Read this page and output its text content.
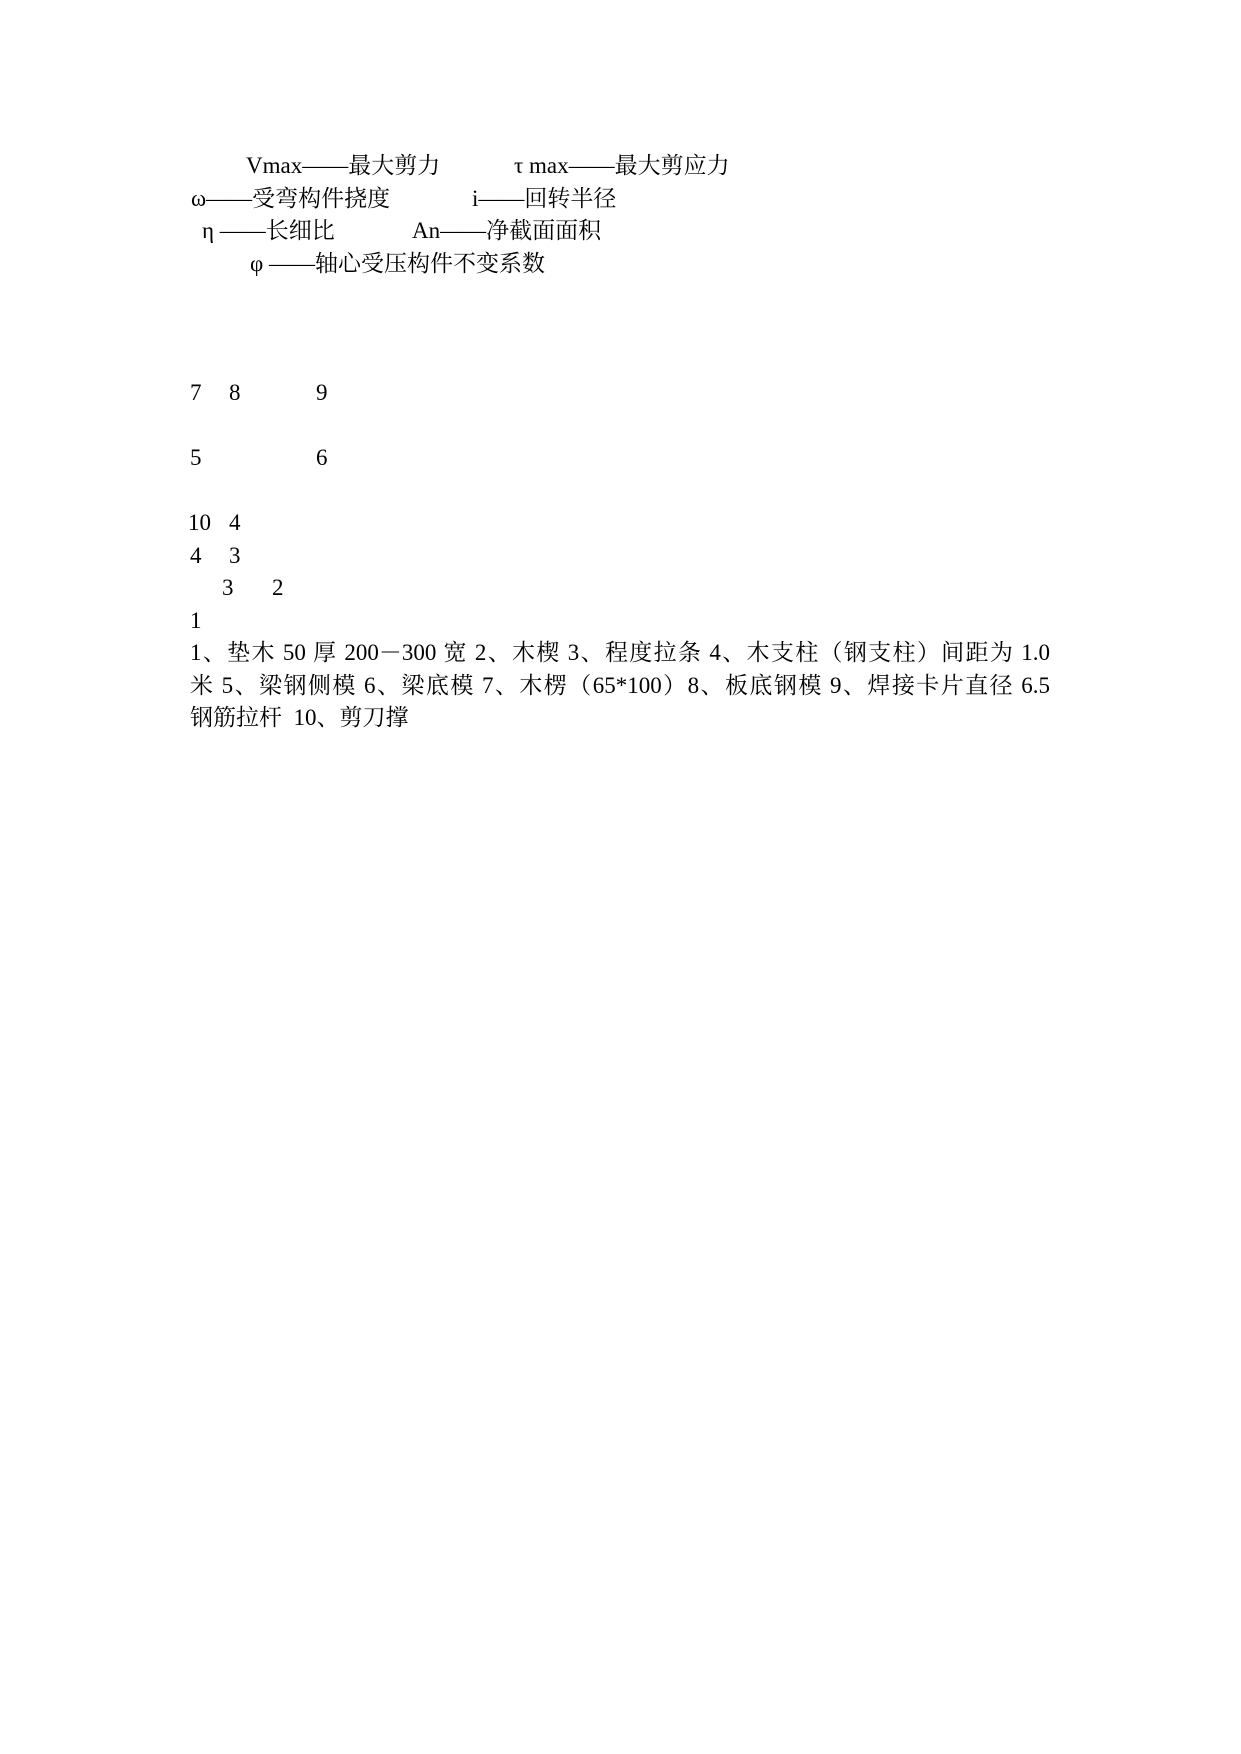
Vmax——最大剪力	τ max——最大剪应力
ω——受弯构件挠度	i——回转半径
η ——长细比	An——净截面面积
φ ——轴心受压构件不变系数
7 8	9
5	6
10 4
4 3
3 2
1
1、垫木 50 厚 200－300 宽 2、木楔 3、程度拉条 4、木支柱（钢支柱）间距为 1.0
米 5、梁钢侧模 6、梁底模 7、木楞（65*100）8、板底钢模 9、焊接卡片直径 6.5
钢筋拉杆  10、剪刀撑
